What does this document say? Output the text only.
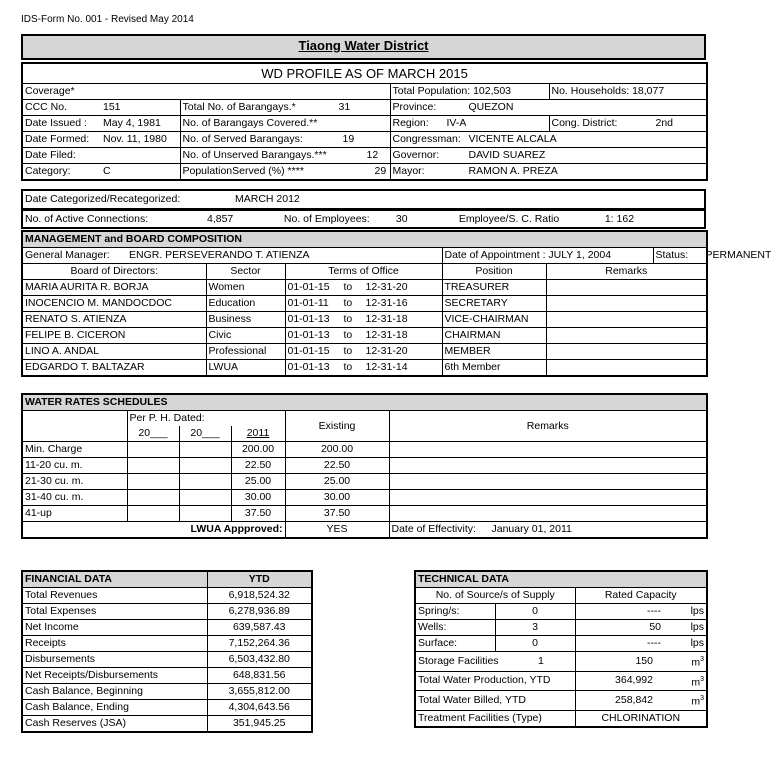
IDS-Form No. 001 - Revised May 2014
Tiaong Water District
WD PROFILE AS OF MARCH 2015			
Coverage*		Total Population: 102,503	No. Households: 18,077
CCC No. 151	Total No. of Barangays.* 31	Province: QUEZON	
Date Issued : May 4, 1981	No. of Barangays Covered.**	Region: IV-A	Cong. District: 2nd
Date Formed: Nov. 11, 1980	No. of Served Barangays: 19	Congressman: VICENTE ALCALA	
Date Filed:	No. of Unserved Barangays.*** 12	Governor: DAVID SUAREZ	
Category: C	PopulationServed (%) **** 29	Mayor: RAMON A. PREZA	
Date Categorized/Recategorized:	MARCH 2012
No. of Active Connections:	4,857	No. of Employees: 30	Employee/S. C. Ratio	1: 162
MANAGEMENT and BOARD COMPOSITION
General Manager: ENGR. PERSEVERANDO T. ATIENZA		Date of Appointment : JULY 1, 2004	Status: PERMANENT

Board of Directors:	Sector	Terms of Office	Position	Remarks
MARIA AURITA R. BORJA	Women	01-01-15 to 12-31-20	TREASURER	
INOCENCIO M. MANDOCDOC	Education	01-01-11 to 12-31-16	SECRETARY	
RENATO S. ATIENZA	Business	01-01-13 to 12-31-18	VICE-CHAIRMAN	
FELIPE B. CICERON	Civic	01-01-13 to 12-31-18	CHAIRMAN	
LINO A. ANDAL	Professional	01-01-15 to 12-31-20	MEMBER	
EDGARDO T. BALTAZAR	LWUA	01-01-13 to 12-31-14	6th Member	
WATER RATES SCHEDULES					
	Per P. H. Dated:			Existing	Remarks
	20___	20___	2011		
Min. Charge			200.00	200.00	
11-20 cu. m.			22.50	22.50	
21-30 cu. m.			25.00	25.00	
31-40 cu. m.			30.00	30.00	
41-up			37.50	37.50	
LWUA Appproved:				YES	Date of Effectivity: January 01, 2011
FINANCIAL DATA	YTD
Total Revenues	6,918,524.32
Total Expenses	6,278,936.89
Net Income	639,587.43
Receipts	7,152,264.36
Disbursements	6,503,432.80
Net Receipts/Disbursements	648,831.56
Cash Balance, Beginning	3,655,812.00
Cash Balance, Ending	4,304,643.56
Cash Reserves (JSA)	351,945.25
TECHNICAL DATA			
No. of Source/s of Supply		Rated Capacity	
Spring/s:	0	----	lps
Wells:	3	50	lps
Surface:	0	----	lps
Storage Facilities 1		150	$m^3$
Total Water Production, YTD		364,992	$m^3$
Total Water Billed, YTD		258,842	$m^3$
Treatment Facilities (Type)		CHLORINATION	
